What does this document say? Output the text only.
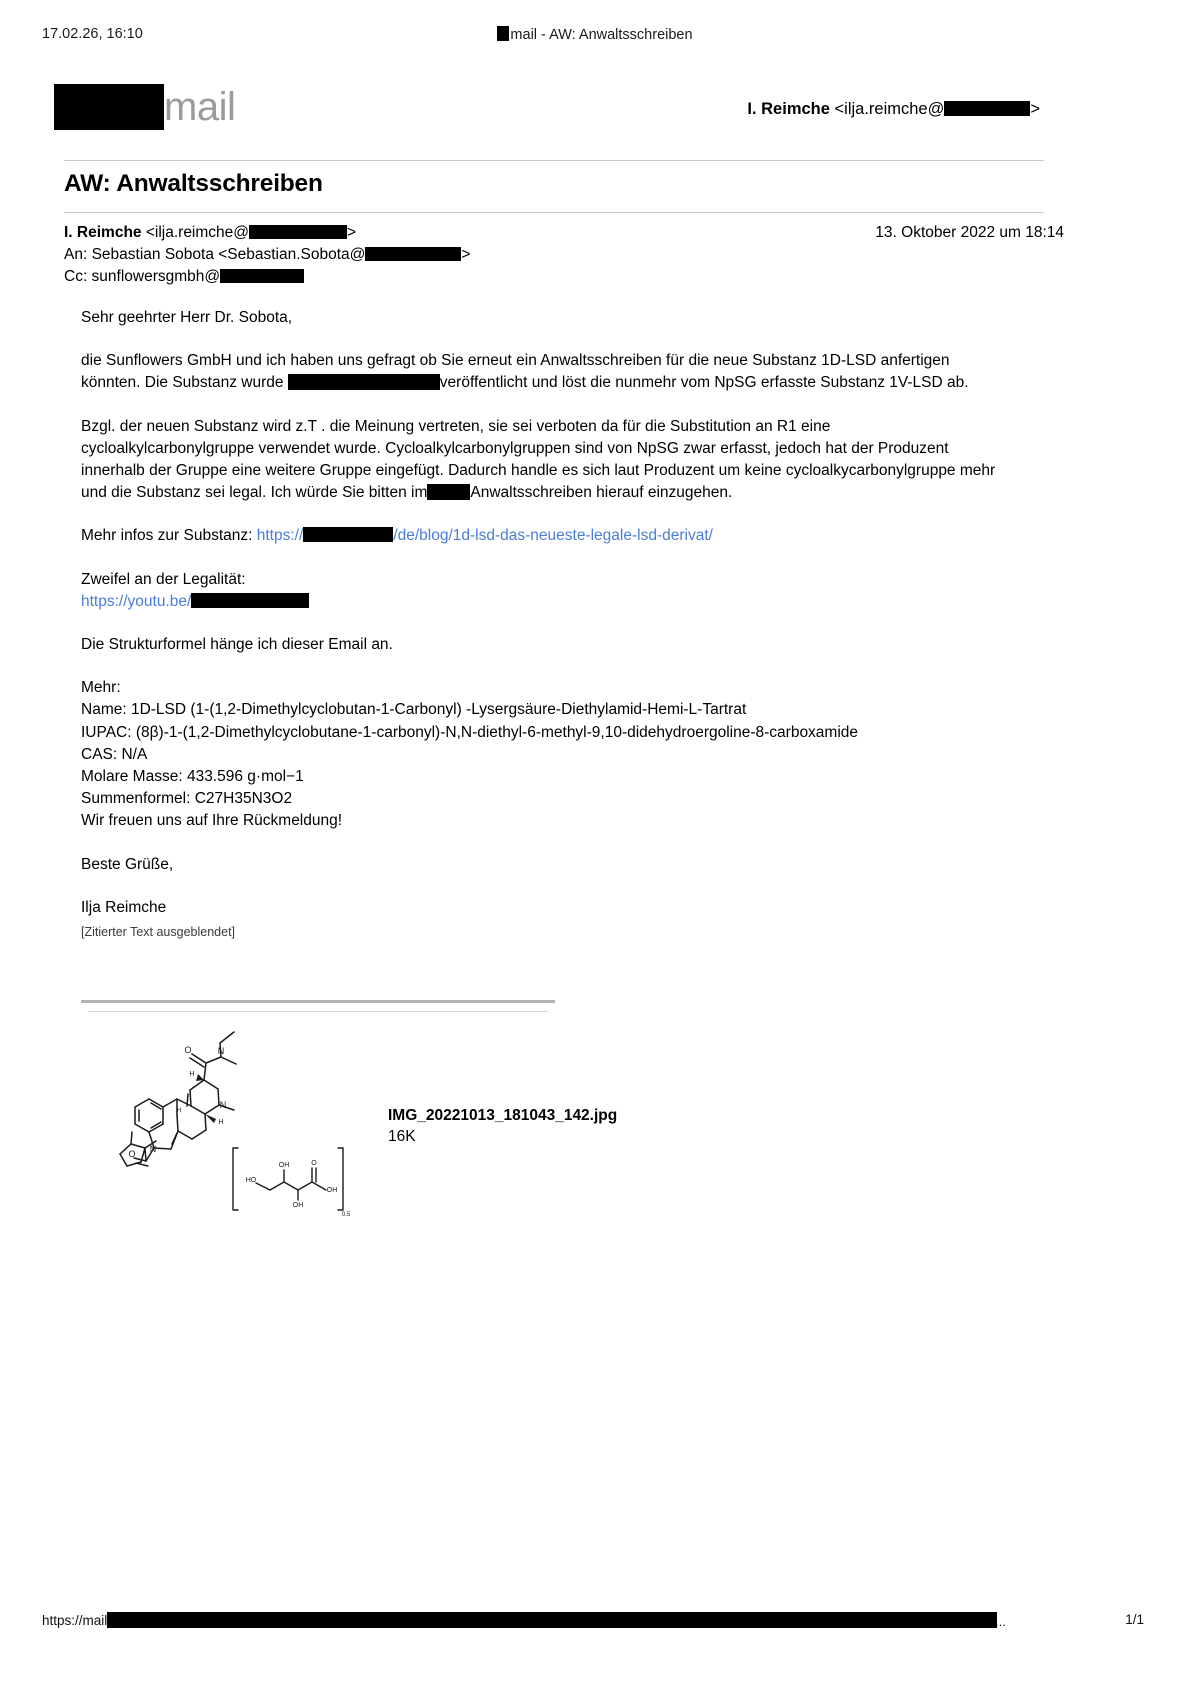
17.02.26, 16:10	mail - AW: Anwaltsschreiben
mail	I. Reimche <ilja.reimche@	>
AW: Anwaltsschreiben
I. Reimche <ilja.reimche@	>
An: Sebastian Sobota <Sebastian.Sobota@	>
Cc: sunflowersgmbh@
13. Oktober 2022 um 18:14

Sehr geehrter Herr Dr. Sobota,

die Sunflowers GmbH und ich haben uns gefragt ob Sie erneut ein Anwaltsschreiben für die neue Substanz 1D-LSD anfertigen könnten. Die Substanz wurde	veröffentlicht und löst die nunmehr vom NpSG erfasste Substanz 1V-LSD ab.

Bzgl. der neuen Substanz wird z.T . die Meinung vertreten, sie sei verboten da für die Substitution an R1 eine cycloalkylcarbonylgruppe verwendet wurde. Cycloalkylcarbonylgruppen sind von NpSG zwar erfasst, jedoch hat der Produzent innerhalb der Gruppe eine weitere Gruppe eingefügt. Dadurch handle es sich laut Produzent um keine cycloalkycarbonylgruppe mehr und die Substanz sei legal. Ich würde Sie bitten im	Anwaltsschreiben hierauf einzugehen.

Mehr infos zur Substanz: https://	/de/blog/1d-lsd-das-neueste-legale-lsd-derivat/

Zweifel an der Legalität:
https://youtu.be/

Die Strukturformel hänge ich dieser Email an.

Mehr:
Name: 1D-LSD (1-(1,2-Dimethylcyclobutan-1-Carbonyl) -Lysergsäure-Diethylamid-Hemi-L-Tartrat
IUPAC: (8β)-1-(1,2-Dimethylcyclobutane-1-carbonyl)-N,N-diethyl-6-methyl-9,10-didehydroergoline-8-carboxamide
CAS: N/A
Molare Masse: 433.596 g·mol−1
Summenformel: C27H35N3O2

Wir freuen uns auf Ihre Rückmeldung!

Beste Grüße,

Ilja Reimche

[Zitierter Text ausgeblendet]
O	N
N
N
O
H
H
H
HO
OH
OH
O
OH
0.5
IMG_20221013_181043_142.jpg
16K
https://mail	...	1/1
